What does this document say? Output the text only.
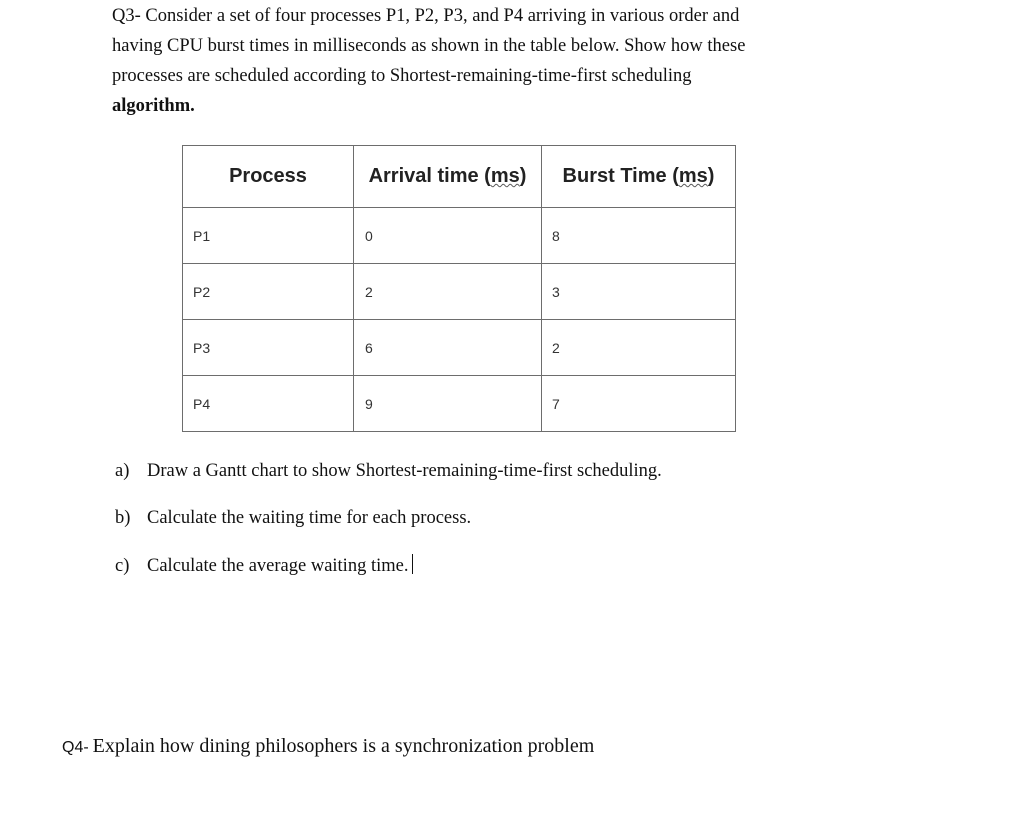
Q3- Consider a set of four processes P1, P2, P3, and P4 arriving in various order and
having CPU burst times in milliseconds as shown in the table below. Show how these
processes are scheduled according to Shortest-remaining-time-first scheduling
algorithm.
Process	Arrival time (ms)	Burst Time (ms)
P1	0	8
P2	2	3
P3	6	2
P4	9	7
a) Draw a Gantt chart to show Shortest-remaining-time-first scheduling.
b) Calculate the waiting time for each process.
c) Calculate the average waiting time.
Q4- Explain how dining philosophers is a synchronization problem
